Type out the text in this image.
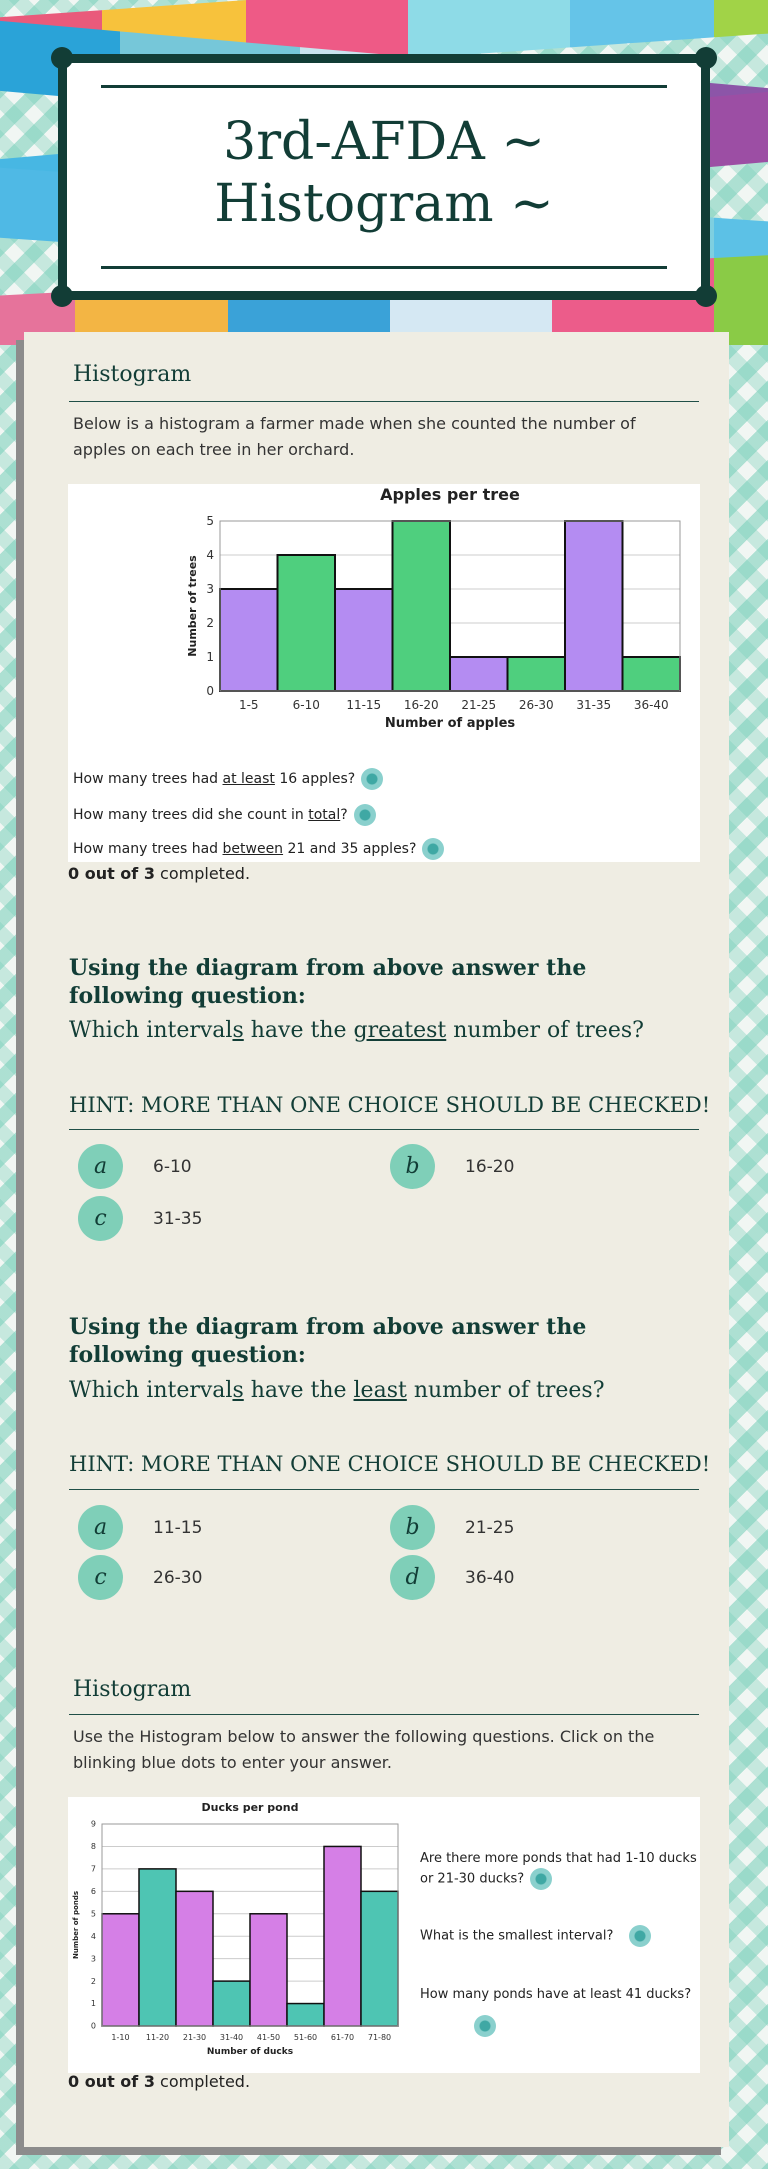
3rd-AFDA ~
Histogram ~
Histogram
Below is a histogram a farmer made when she counted the number of apples on each tree in her orchard.
Apples per tree
0
1
2
3
4
5
1-5	6-10 11-15 16-20 21-25 26-30 31-35 36-40
Number of apples
Number of trees
How many trees had at least 16 apples?
How many trees did she count in total?
How many trees had between 21 and 35 apples?
0 out of 3 completed.
Using the diagram from above answer the following question:
Which intervals have the greatest number of trees?
HINT: MORE THAN ONE CHOICE SHOULD BE CHECKED!
a	6-10	b	16-20
c	31-35
Using the diagram from above answer the following question:
Which intervals have the least number of trees?
HINT: MORE THAN ONE CHOICE SHOULD BE CHECKED!
a	11-15	b	21-25
c	26-30	d	36-40
Histogram
Use the Histogram below to answer the following questions. Click on the blinking blue dots to enter your answer.
Ducks per pond
0
1
2
3
4
5
6
7
8
9
1-10 11-20 21-30 31-40 41-50 51-60 61-70 71-80
Number of ducks
Number of ponds
Are there more ponds that had 1-10 ducks or 21-30 ducks?
What is the smallest interval?
How many ponds have at least 41 ducks?
0 out of 3 completed.
